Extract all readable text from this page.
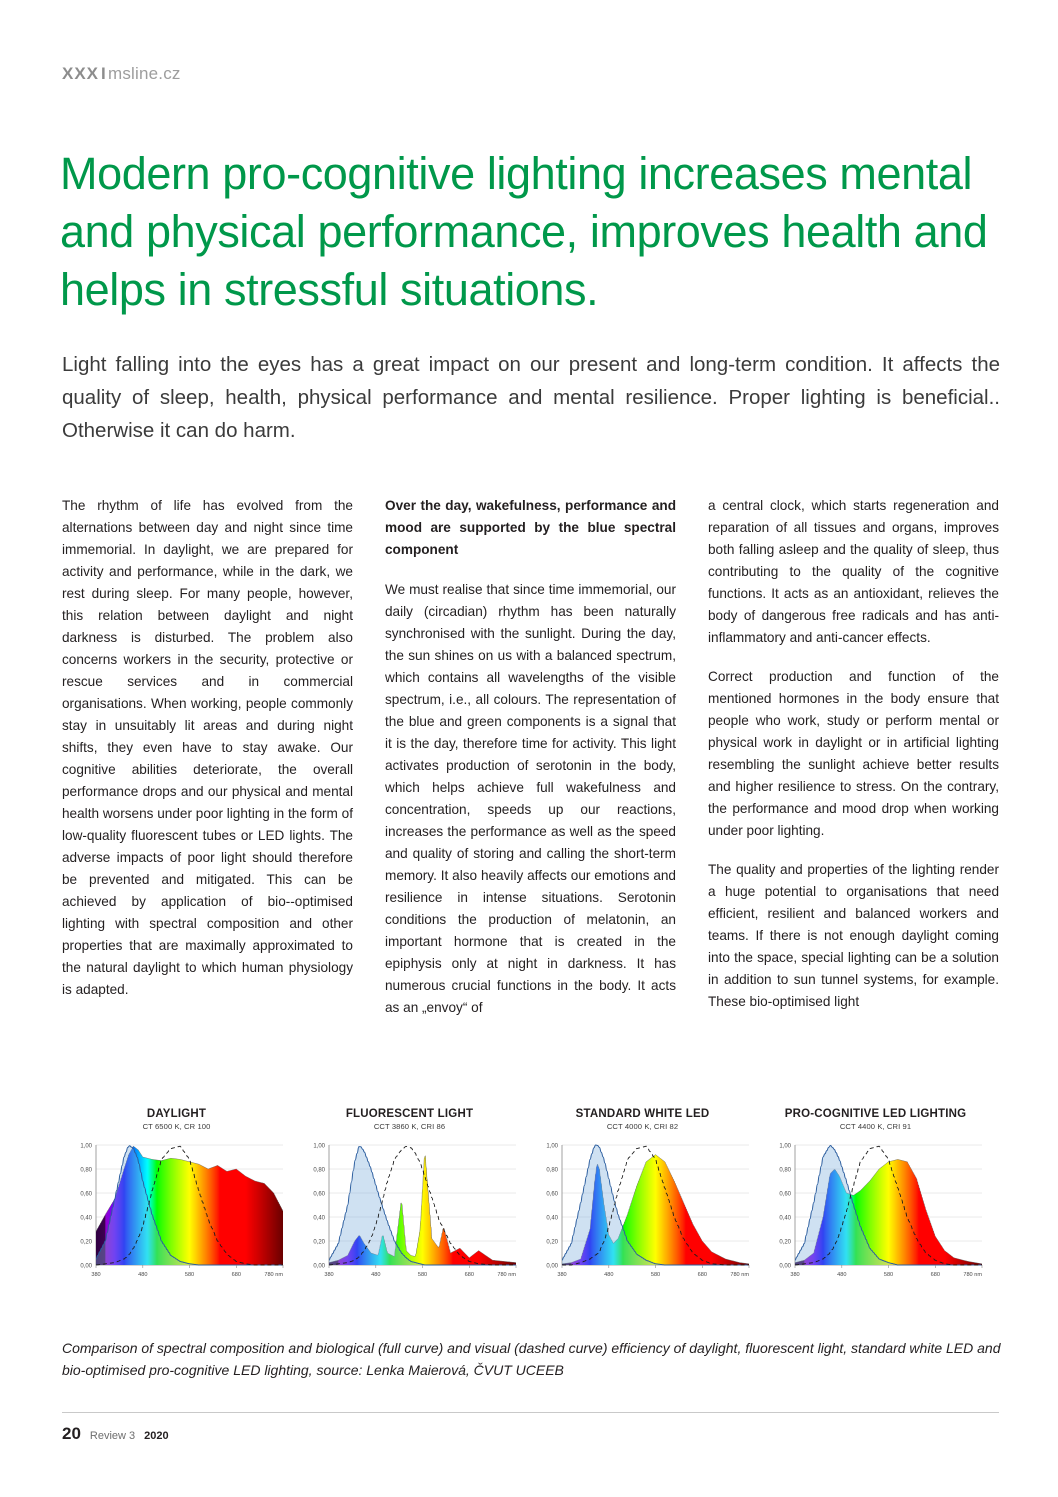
XXX I msline.cz
Modern pro-cognitive lighting increases mental and physical performance, improves health and helps in stressful situations.
Light falling into the eyes has a great impact on our present and long-term condition. It affects the quality of sleep, health, physical performance and mental resilience. Proper lighting is beneficial.. Otherwise it can do harm.

The rhythm of life has evolved from the alternations between day and night since time immemorial. In daylight, we are prepared for activity and performance, while in the dark, we rest during sleep. For many people, however, this relation between daylight and night darkness is disturbed. The problem also concerns workers in the security, protective or rescue services and in commercial organisations. When working, people commonly stay in unsuitably lit areas and during night shifts, they even have to stay awake. Our cognitive abilities deteriorate, the overall performance drops and our physical and mental health worsens under poor lighting in the form of low-quality fluorescent tubes or LED lights. The adverse impacts of poor light should therefore be prevented and mitigated. This can be achieved by application of bio--optimised lighting with spectral composition and other properties that are maximally approximated to the natural daylight to which human physiology is adapted.

Over the day, wakefulness, performance and mood are supported by the blue spectral component

We must realise that since time immemorial, our daily (circadian) rhythm has been naturally synchronised with the sunlight. During the day, the sun shines on us with a balanced spectrum, which contains all wavelengths of the visible spectrum, i.e., all colours. The representation of the blue and green components is a signal that it is the day, therefore time for activity. This light activates production of serotonin in the body, which helps achieve full wakefulness and concentration, speeds up our reactions, increases the performance as well as the speed and quality of storing and calling the short-term memory. It also heavily affects our emotions and resilience in intense situations. Serotonin conditions the production of melatonin, an important hormone that is created in the epiphysis only at night in darkness. It has numerous crucial functions in the body. It acts as an „envoy“ of

a central clock, which starts regeneration and reparation of all tissues and organs, improves both falling asleep and the quality of sleep, thus contributing to the quality of the cognitive functions. It acts as an antioxidant, relieves the body of dangerous free radicals and has anti-inflammatory and anti-cancer effects.

Correct production and function of the mentioned hormones in the body ensure that people who work, study or perform mental or physical work in daylight or in artificial lighting resembling the sunlight achieve better results and higher resilience to stress. On the contrary, the performance and mood drop when working under poor lighting.

The quality and properties of the lighting render a huge potential to organisations that need efficient, resilient and balanced workers and teams. If there is not enough daylight coming into the space, special lighting can be a solution in addition to sun tunnel systems, for example. These bio-optimised light

DAYLIGHT
CT 6500 K, CR 100
0,00
0,20
0,40
0,60
0,80
1,00
380	480	580	680	780 nm
FLUORESCENT LIGHT
CCT 3860 K, CRI 86
0,00
0,20
0,40
0,60
0,80
1,00
380	480	580	680	780 nm
STANDARD WHITE LED
CCT 4000 K, CRI 82
0,00
0,20
0,40
0,60
0,80
1,00
380	480	580	680	780 nm
PRO-COGNITIVE LED LIGHTING
CCT 4400 K, CRI 91
0,00
0,20
0,40
0,60
0,80
1,00
380	480	580	680	780 nm
Comparison of spectral composition and biological (full curve) and visual (dashed curve) efficiency of daylight, fluorescent light, standard white LED and bio-optimised pro-cognitive LED lighting, source: Lenka Maierová, ČVUT UCEEB
20 Review 3 2020
